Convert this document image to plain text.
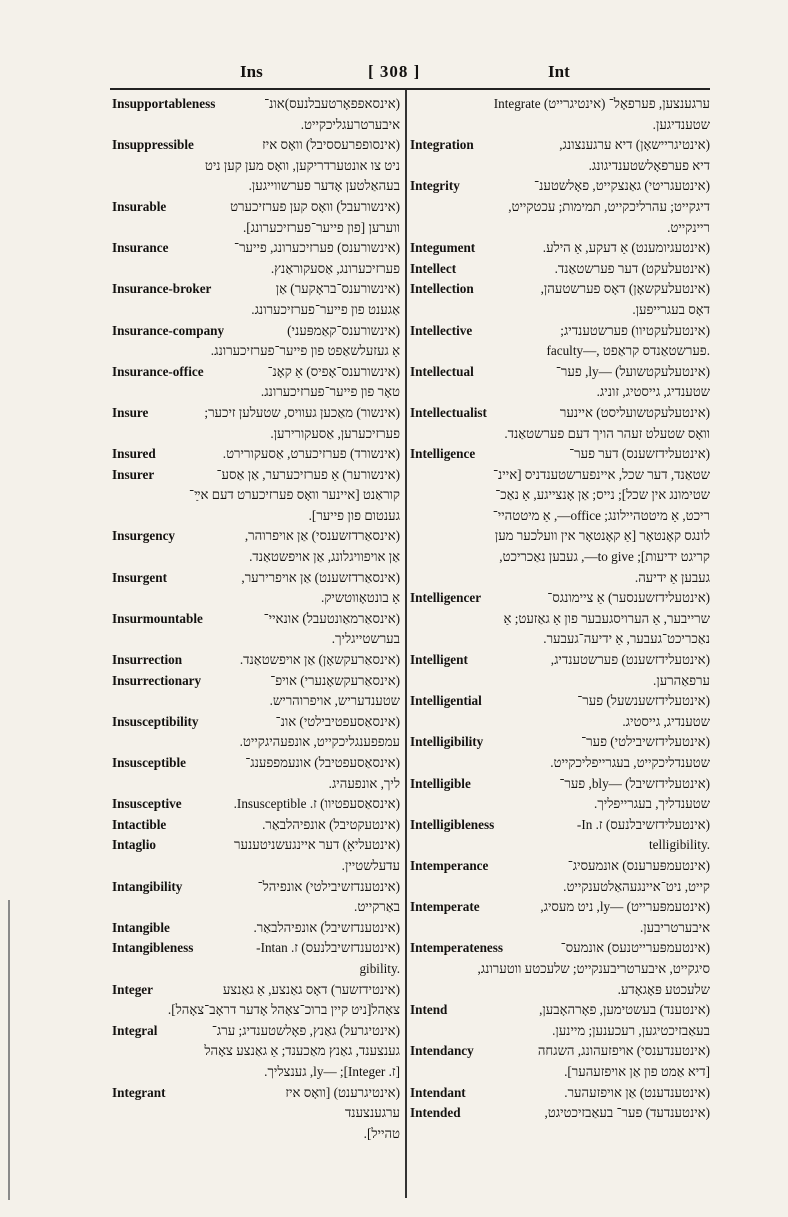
Ins	[ 308 ]	Int
Insupportableness	(אינסאפפאָרטעבלנעס)אונ־
איבערטרעגליכקייט.
Insuppressible	(אינסופפרעססיבל) וואָס איז
ניט צו אונטערדריקען, וואָס מען קען ניט
בעהאַלטען אָדער פערשווייגען.
Insurable	(אינשורעבל) וואָס קען פערזיכערט
ווערען [פון פייער־פערזיכערונג].
Insurance	(אינשורענס) פערזיכערונג, פייער־
פערזיכערונג, אַסעקוראַנץ.
Insurance-broker	(אינשורענס־בראָקער) אַן
אַגענט פון פייער־פערזיכערונג.
Insurance-company	(אינשורענס־קאַמפּעני)
אַ געזעלשאַפט פון פייער־פערזיכערונג.
Insurance-office	(אינשורענס־אָפיס) אַ קאָנ־
טאָר פון פייער־פערזיכערונג.
Insure	(אינשור) מאַכען געוויס, שטעלען זיכער;
פערזיכערען, אַסעקורירען.
Insured	(אינשורד) פערזיכערט, אַסעקורירט.
Insurer	(אינשורער) אַ פערזיכערער, אַן אַסע־
קוראַנט [איינער וואָס פערזיכערט דעם אײַ־
גענטום פון פייער].
Insurgency	(אינסאַרדזשענסי) אַן אויפרוהר,
אַן אויפוויגלונג, אַן אויפשטאַנד.
Insurgent	(אינסאַרדזשענט) אַן אויפרירער,
אַ בונטאָווטשיק.
Insurmountable	(אינסאַרמאַונטעבל) אונאיי־
בערשטייגליך.
Insurrection	(אינסאַרעקשאָן) אַן אויפשטאַנד.
Insurrectionary	(אינסאַרעקשאָנערי) אויפ־
שטענדעריש, אויפרוהריש.
Insusceptibility	(אינסאַסעפטיבילטי) אונ־
עמפפענגליכקייט, אונפעהיגקייט.
Insusceptible	(אינסאַסעפטיבל) אונעמפפענג־
ליך, אונפעהיג.
Insusceptive	(אינסאַסעפטיוו) ז. Insusceptible.
Intactible	(אינטעקטיבל) אונפיהלבאַר.
Intaglio	(אינטעליאָ) דער איינגעשניטענער
עדעלשטיין.
Intangibility	(אינטענדזשיבילטי) אונפיהל־
באַרקייט.
Intangible	(אינטענדזשיבל) אונפיהלבאַר.
Intangibleness	(אינטענדזשיבלנעס) ז. Intan-
gibility.
Integer	(אינטידזשער) דאָס גאַנצע, אַ גאַנצע
צאָהל[ניט קיין ברוכ־צאָהל אָדער דראָב־צאָהל].
Integral	(אינטיגרעל) גאַנץ, פאָלשטענדיג; ערג־
גענצענד, גאַנץ מאַכענד; אַ גאַנצע צאָהל
[ז. Integer]; —ly, גענצליך.
Integrant	(אינטיגרענט) [וואָס איז
ערגענצענד
טהייל].
ערגענצען, פערפאָל־ (אינטיגרייט) Integrate
שטענדיגען.
Integration	(אינטיגריישאָן) דיא ערגענצונג,
דיא פערפאָלשטענדיגונג.
Integrity	(אינטעגריטי) גאַנצקייט, פאָלשטענ־
דיגקייט; עהרליכקייט, תמימות; עכטקייט,
ריינקייט.
Integument	(אינטעגיומענט) אַ דעקע, אַ הילע.
Intellect	(אינטעלעקט) דער פערשטאַנד.
Intellection	(אינטעלעקשאָן) דאָס פערשטעהן,
דאָס בעגרייפען.
Intellective	(אינטעלעקטיוו) פערשטענדיג;
faculty—, פערשטאַנדס קראַפט.
Intellectual	(אינטעלעקטשועל) —ly, פער־
שטענדיג, גייסטיג, זוניג.
Intellectualist	(אינטעלעקטשועליסט) איינער
וואָס שטעלט זעהר הויך דעם פערשטאַנד.
Intelligence	(אינטעלידזשענס) דער פער־
שטאַנד, דער שכל, איינפערשטענדניס [איינ־
שטימונג אין שכל]; נייס; אַן אָנצייגע, אַ נאַכ־
ריכט, אַ מיטטהיילונג; office—, אַ מיטטהיי־
לונגס קאָנטאָר [אַ קאָנטאָר אין וועלכער מען
קריגט ידיעות]; to give—, געבען נאַכריכט,
געבען אַ ידיעה.
Intelligencer	(אינטעלידזשענסער) אַ ציימונגס־
שרייבער, אַ הערויסגעבער פון אַ גאַזעט; אַ
נאַכריכט־געבער, אַ ידיעה־געבער.
Intelligent	(אינטעלידזשענט) פערשטענדיג,
ערפאַהרען.
Intelligential	(אינטעלידזשענשעל) פער־
שטענדיג, גייסטיג.
Intelligibility	(אינטעלידזשיבילטי) פער־
שטענדליכקייט, בעגרייפליכקייט.
Intelligible	(אינטעלידזשיבל) —bly, פער־
שטענדליך, בעגרייפליך.
Intelligibleness	(אינטעלידזשיבלנעס) ז. In-
telligibility.
Intemperance	(אינטעמפּערענס) אונמעסיג־
קייט, ניט־איינגעהאַלטענקייט.
Intemperate	(אינטעמפּערייט) —ly, ניט מעסיג,
איבערטריבען.
Intemperateness	(אינטעמפּערייטנעס) אונמעס־
סיגקייט, איבערטריבענקייט; שלעכטע ווטערונג,
שלעכטע פּאָגאָדע.
Intend	(אינטענד) בעשטימען, פאָרהאָבען,
בעאַבזיכטיגען, רעכענען; מיינען.
Intendancy	(אינטענדענסי) אויפזעהונג, השגחה
[דיא אַמט פון אַן אויפזעהער].
Intendant	(אינטענדענט) אַן אויפזעהער.
Intended	(אינטענדעד) פער־ בעאַבזיכטיגט,
